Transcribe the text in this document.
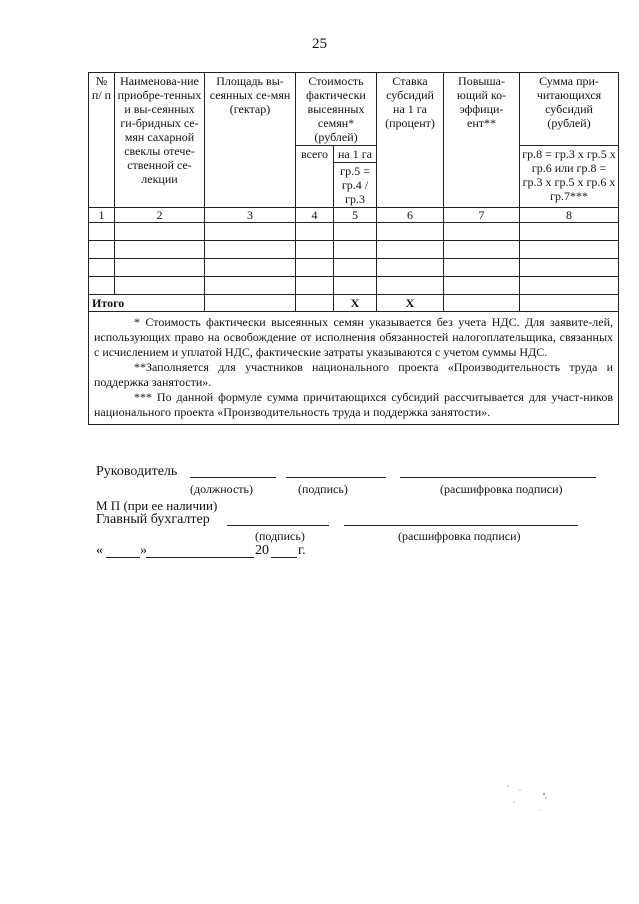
25
№ п/ п	Наименова-ние приобре-тенных и вы-сеянных ги-бридных се-мян сахарной свеклы отече-ственной се-лекции	Площадь вы-сеянных се-мян (гектар)	Стоимость фактически высеянных семян* (рублей)		Ставка субсидий на 1 га (процент)	Повыша-ющий ко-эффици-ент**	Сумма при-читающихся субсидий (рублей)
			всего	на 1 га			гр.8 = гр.3 х гр.5 х гр.6 или гр.8 = гр.3 х гр.5 х гр.6 х гр.7***
				гр.5 = гр.4 / гр.3			
1	2	3	4	5	6	7	8

Итого				Х	Х		

* Стоимость фактически высеянных семян указывается без учета НДС. Для заявите-лей, использующих право на освобождение от исполнения обязанностей налогоплательщика, связанных с исчислением и уплатой НДС, фактические затраты указываются с учетом суммы НДС.

**Заполняется для участников национального проекта «Производительность труда и поддержка занятости».

*** По данной формуле сумма причитающихся субсидий рассчитывается для участ-ников национального проекта «Производительность труда и поддержка занятости».							

Руководитель
(должность)	(подпись)	(расшифровка подписи)
М П (при ее наличии)
Главный бухгалтер
(подпись)	(расшифровка подписи)
«	»	20 г.
